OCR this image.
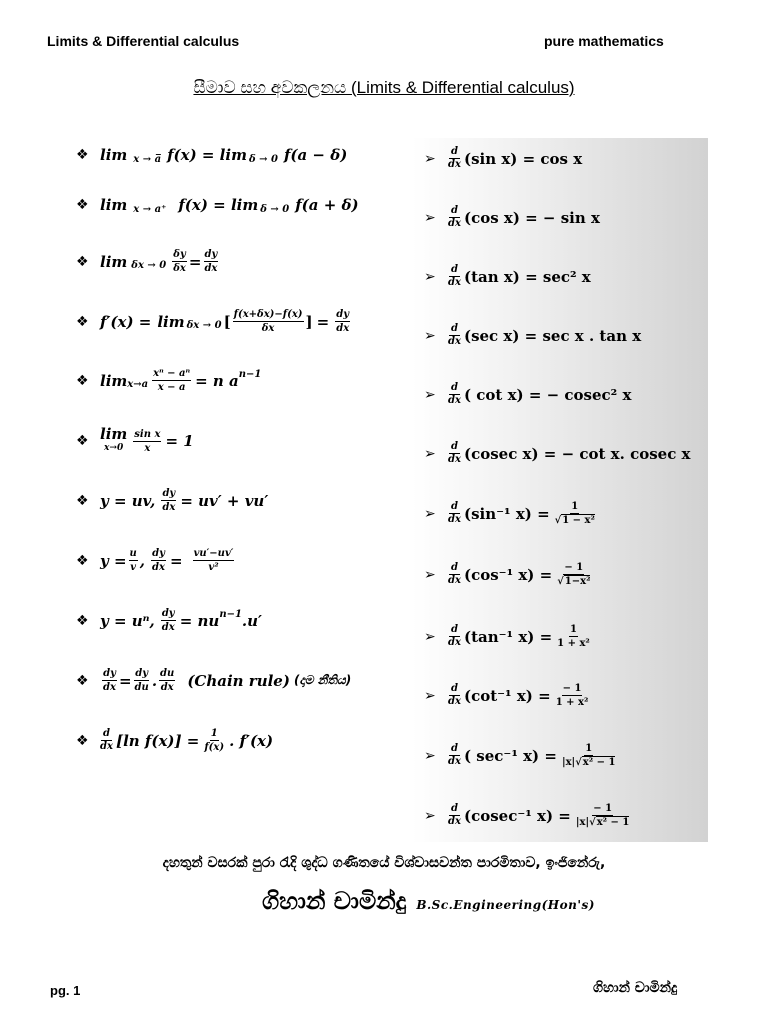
Limits & Differential calculus	pure mathematics
සීමාව සහ අවකලනය (Limits & Differential calculus)
❖ lim x → a̅ f(x) = lim δ → 0 f(a − δ)
❖ lim x → a⁺ f(x) = lim δ → 0 f(a + δ)
❖ $\lim \delta x \to 0 \frac{\delta y}{\delta x} = \frac{dy}{dx}$
❖ f′(x) = lim δx → 0 [ $\frac{f(x+\delta x)-f(x)}{\delta x}$ ] = $\frac{dy}{dx}$
❖ $\lim x\to a \frac{\text{xⁿ − aⁿ}}{x - a} = n$ a n−1
❖ lim
$x\to 0 \frac{\text{sin x}}{x} = 1$
❖ y = uv, $\frac{dy}{dx} = uv' + vu'$
❖ $y = \frac{u}{v}$ , $\frac{dy}{dx} = \frac{vu'-uv'}{\text{v²}}$
❖ y = uⁿ, $\frac{dy}{dx}$ = nu n−1 .u′
❖	$\frac{dy}{dx} = \frac{dy}{du}$ . $\frac{du}{dx}$ (Chain rule) (දාම නීතිය)
❖	d
dx [ln $f(x)] = \frac{1}{f(x)}$ . f′(x)
➢	d
dx (sin x) = cos x
➢	d
dx (cos x) = − sin x
➢	d
dx (tan x) = sec² x
➢	d
dx (sec x) = sec x . tan x
➢	d
dx ( cot x) = − cosec² x
➢	d
dx (cosec x) = − cot x. cosec x
➢	d
dx (sin⁻¹ $x) = \frac{1}{\text{√1 − x²}}$
➢	d
dx (cos⁻¹ $x) = \frac{- 1}{\text{√1−x²}}$
➢	d
dx (tan⁻¹ $x) = \frac{1}{\text{1 + x²}}$
➢	d
dx (cot⁻¹ $x) = \frac{- 1}{\text{1 + x²}}$
➢	d
dx ( sec⁻¹ $x) = \frac{1}{\text{|x|√x² − 1}}$
➢	d
dx (cosec⁻¹ $x) = \frac{- 1}{\text{|x|√x² − 1}}$
දහතුන් වසරක් පුරා රැදි ශුද්ධ ගණිතයේ විශ්වාසවන්ත පාරමිතාව, ඉංජිනේරු,
ගිහාන් චාමින්දු B.Sc.Engineering(Hon's)
pg. 1	ගිහාන් චාමින්දු
